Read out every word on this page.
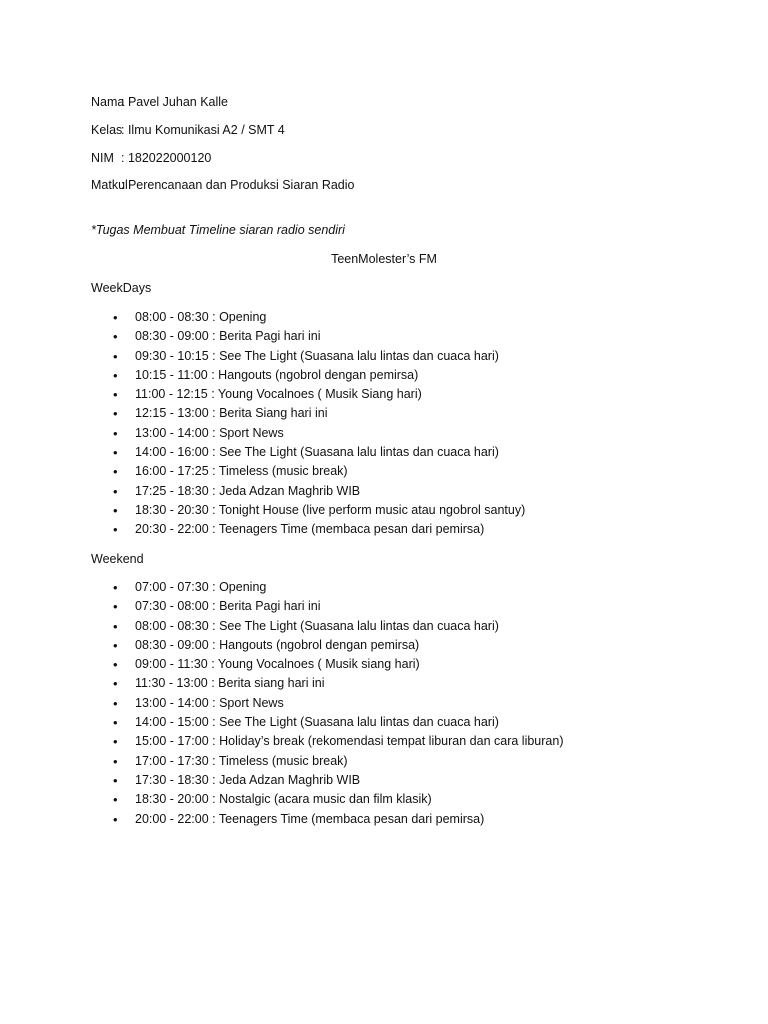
Nama
: Pavel Juhan Kalle
Kelas
: Ilmu Komunikasi A2 / SMT 4
NIM : 182022000120
Matkul
: Perencanaan dan Produksi Siaran Radio
*Tugas Membuat Timeline siaran radio sendiri
TeenMolester’s FM
WeekDays
• 08:00 - 08:30 : Opening
• 08:30 - 09:00 : Berita Pagi hari ini
• 09:30 - 10:15 : See The Light (Suasana lalu lintas dan cuaca hari)
• 10:15 - 11:00 : Hangouts (ngobrol dengan pemirsa)
• 11:00 - 12:15 : Young Vocalnoes ( Musik Siang hari)
• 12:15 - 13:00 : Berita Siang hari ini
• 13:00 - 14:00 : Sport News
• 14:00 - 16:00 : See The Light (Suasana lalu lintas dan cuaca hari)
• 16:00 - 17:25 : Timeless (music break)
• 17:25 - 18:30 : Jeda Adzan Maghrib WIB
• 18:30 - 20:30 : Tonight House (live perform music atau ngobrol santuy)
• 20:30 - 22:00 : Teenagers Time (membaca pesan dari pemirsa)
Weekend
• 07:00 - 07:30 : Opening
• 07:30 - 08:00 : Berita Pagi hari ini
• 08:00 - 08:30 : See The Light (Suasana lalu lintas dan cuaca hari)
• 08:30 - 09:00 : Hangouts (ngobrol dengan pemirsa)
• 09:00 - 11:30 : Young Vocalnoes ( Musik siang hari)
• 11:30 - 13:00 : Berita siang hari ini
• 13:00 - 14:00 : Sport News
• 14:00 - 15:00 : See The Light (Suasana lalu lintas dan cuaca hari)
• 15:00 - 17:00 : Holiday’s break (rekomendasi tempat liburan dan cara liburan)
• 17:00 - 17:30 : Timeless (music break)
• 17:30 - 18:30 : Jeda Adzan Maghrib WIB
• 18:30 - 20:00 : Nostalgic (acara music dan film klasik)
• 20:00 - 22:00 : Teenagers Time (membaca pesan dari pemirsa)
